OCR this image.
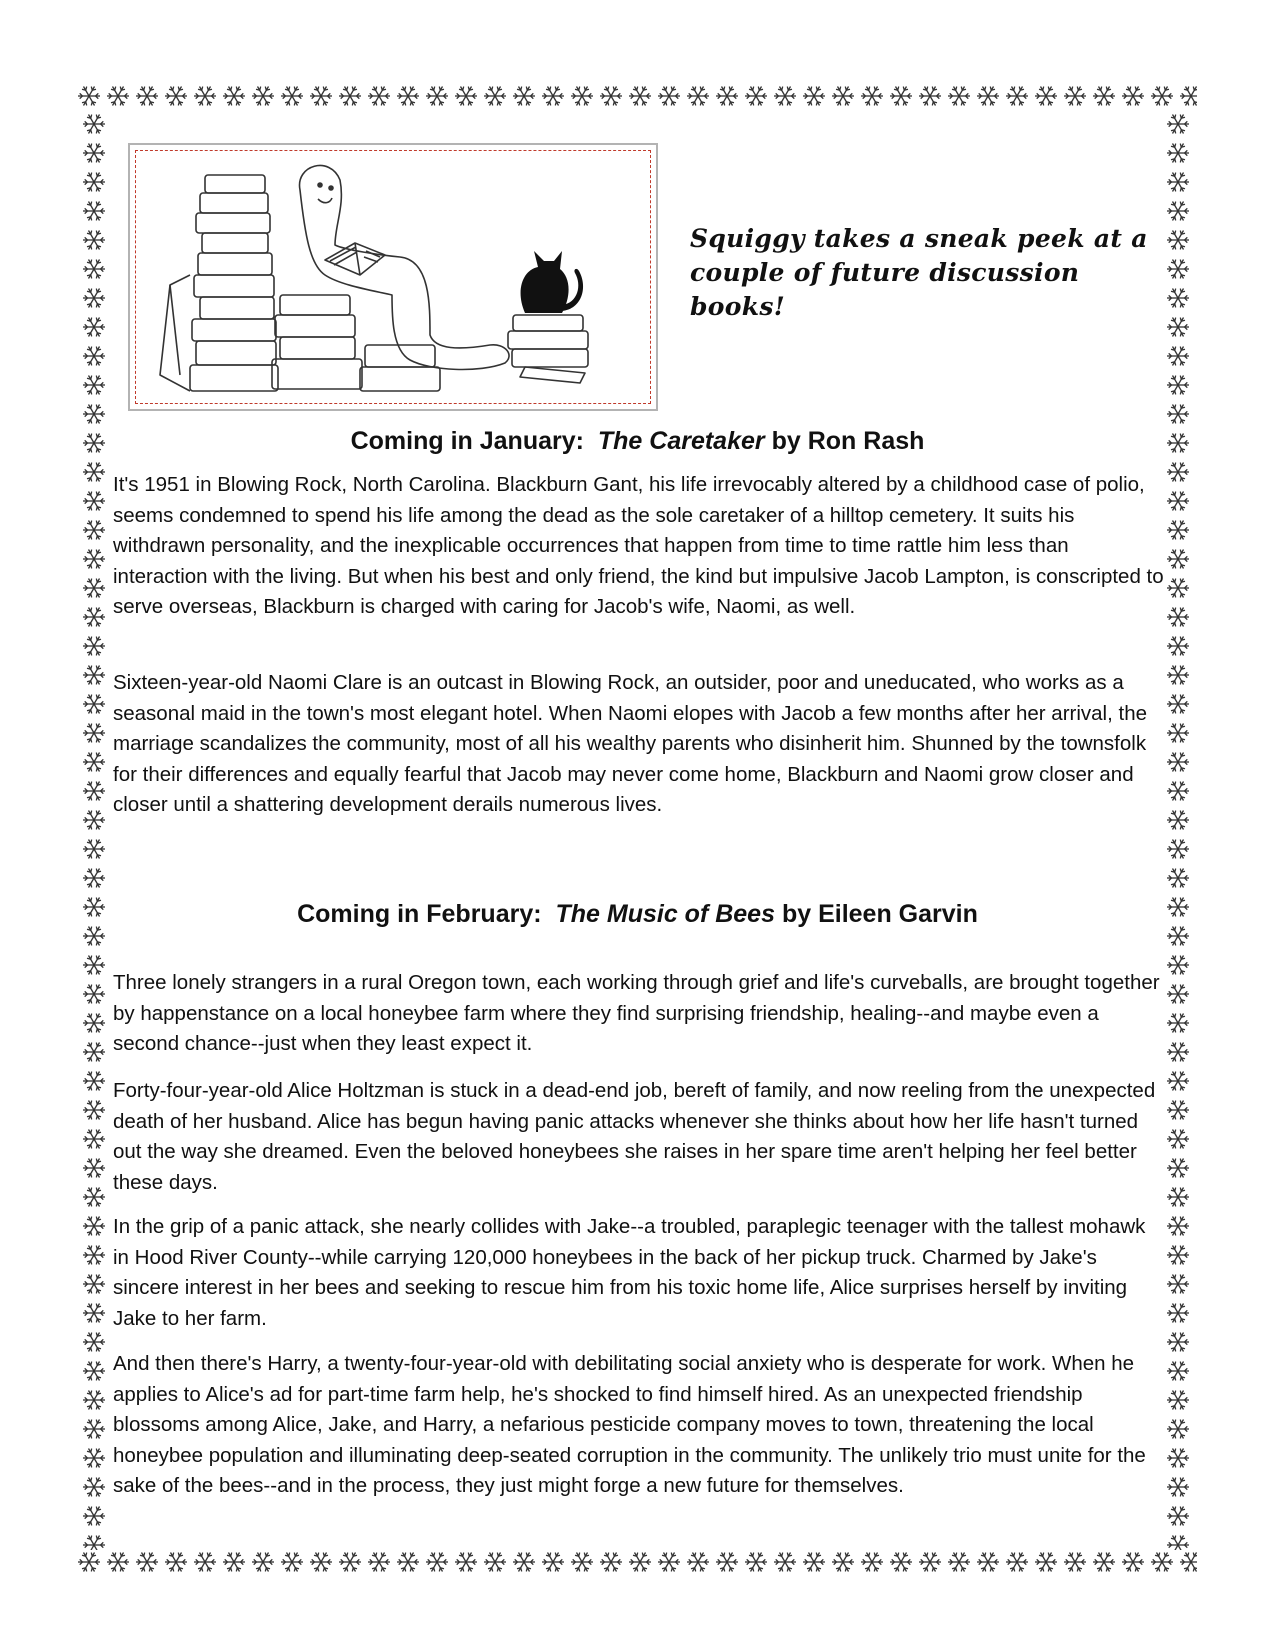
Squiggy takes a sneak peek at a couple of future discussion books!

Coming in January: The Caretaker by Ron Rash

It's 1951 in Blowing Rock, North Carolina. Blackburn Gant, his life irrevocably altered by a childhood case of polio, seems condemned to spend his life among the dead as the sole caretaker of a hilltop cemetery. It suits his withdrawn personality, and the inexplicable occurrences that happen from time to time rattle him less than interaction with the living. But when his best and only friend, the kind but impulsive Jacob Lampton, is conscripted to serve overseas, Blackburn is charged with caring for Jacob's wife, Naomi, as well.

Sixteen-year-old Naomi Clare is an outcast in Blowing Rock, an outsider, poor and uneducated, who works as a seasonal maid in the town's most elegant hotel. When Naomi elopes with Jacob a few months after her arrival, the marriage scandalizes the community, most of all his wealthy parents who disinherit him. Shunned by the townsfolk for their differences and equally fearful that Jacob may never come home, Blackburn and Naomi grow closer and closer until a shattering development derails numerous lives.

Coming in February: The Music of Bees by Eileen Garvin

Three lonely strangers in a rural Oregon town, each working through grief and life's curveballs, are brought together by happenstance on a local honeybee farm where they find surprising friendship, healing--and maybe even a second chance--just when they least expect it.

Forty-four-year-old Alice Holtzman is stuck in a dead-end job, bereft of family, and now reeling from the unexpected death of her husband. Alice has begun having panic attacks whenever she thinks about how her life hasn't turned out the way she dreamed. Even the beloved honeybees she raises in her spare time aren't helping her feel better these days.

In the grip of a panic attack, she nearly collides with Jake--a troubled, paraplegic teenager with the tallest mohawk in Hood River County--while carrying 120,000 honeybees in the back of her pickup truck. Charmed by Jake's sincere interest in her bees and seeking to rescue him from his toxic home life, Alice surprises herself by inviting Jake to her farm.

And then there's Harry, a twenty-four-year-old with debilitating social anxiety who is desperate for work. When he applies to Alice's ad for part-time farm help, he's shocked to find himself hired. As an unexpected friendship blossoms among Alice, Jake, and Harry, a nefarious pesticide company moves to town, threatening the local honeybee population and illuminating deep-seated corruption in the community. The unlikely trio must unite for the sake of the bees--and in the process, they just might forge a new future for themselves.
